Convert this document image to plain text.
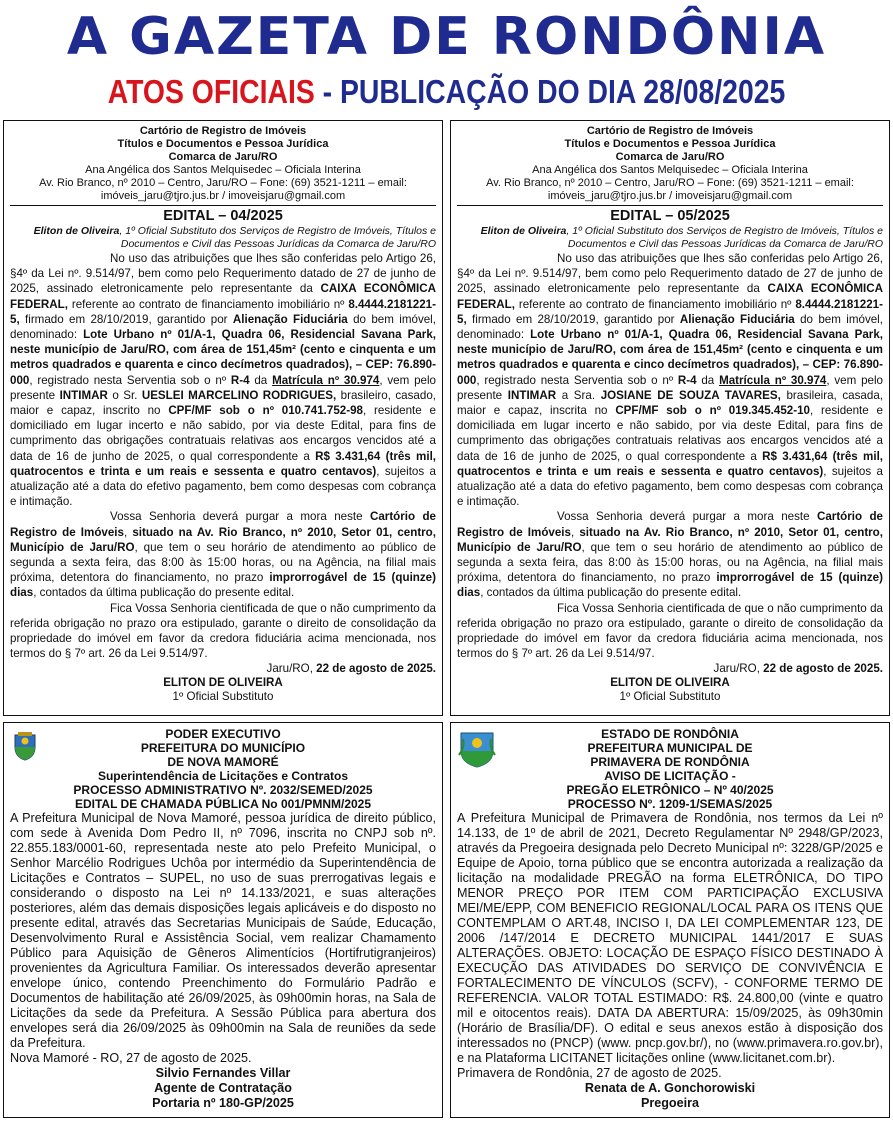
A GAZETA DE RONDÔNIA
ATOS OFICIAIS - PUBLICAÇÃO DO DIA 28/08/2025
Cartório de Registro de Imóveis
Títulos e Documentos e Pessoa Jurídica
Comarca de Jaru/RO
Ana Angélica dos Santos Melquisedec – Oficiala Interina
Av. Rio Branco, nº 2010 – Centro, Jaru/RO – Fone: (69) 3521-1211 – email:
imóveis_jaru@tjro.jus.br / imoveisjaru@gmail.com
EDITAL – 04/2025
Eliton de Oliveira, 1º Oficial Substituto dos Serviços de Registro de Imóveis, Títulos e Documentos e Civil das Pessoas Jurídicas da Comarca de Jaru/RO

No uso das atribuições que lhes são conferidas pelo Artigo 26, §4º da Lei nº. 9.514/97, bem como pelo Requerimento datado de 27 de junho de 2025, assinado eletronicamente pelo representante da CAIXA ECONÔMICA FEDERAL, referente ao contrato de financiamento imobiliário nº 8.4444.2181221-5, firmado em 28/10/2019, garantido por Alienação Fiduciária do bem imóvel, denominado: Lote Urbano nº 01/A-1, Quadra 06, Residencial Savana Park, neste município de Jaru/RO, com área de 151,45m² (cento e cinquenta e um metros quadrados e quarenta e cinco decímetros quadrados), – CEP: 76.890-000, registrado nesta Serventia sob o nº R-4 da Matrícula nº 30.974, vem pelo presente INTIMAR o Sr. UESLEI MARCELINO RODRIGUES, brasileiro, casado, maior e capaz, inscrito no CPF/MF sob o nº 010.741.752-98, residente e domiciliado em lugar incerto e não sabido, por via deste Edital, para fins de cumprimento das obrigações contratuais relativas aos encargos vencidos até a data de 16 de junho de 2025, o qual correspondente a R$ 3.431,64 (três mil, quatrocentos e trinta e um reais e sessenta e quatro centavos), sujeitos a atualização até a data do efetivo pagamento, bem como despesas com cobrança e intimação.

Vossa Senhoria deverá purgar a mora neste Cartório de Registro de Imóveis, situado na Av. Rio Branco, nº 2010, Setor 01, centro, Município de Jaru/RO, que tem o seu horário de atendimento ao público de segunda a sexta feira, das 8:00 às 15:00 horas, ou na Agência, na filial mais próxima, detentora do financiamento, no prazo improrrogável de 15 (quinze) dias, contados da última publicação do presente edital.

Fica Vossa Senhoria cientificada de que o não cumprimento da referida obrigação no prazo ora estipulado, garante o direito de consolidação da propriedade do imóvel em favor da credora fiduciária acima mencionada, nos termos do § 7º art. 26 da Lei 9.514/97.

Jaru/RO, 22 de agosto de 2025.
ELITON DE OLIVEIRA
1º Oficial Substituto
Cartório de Registro de Imóveis
Títulos e Documentos e Pessoa Jurídica
Comarca de Jaru/RO
Ana Angélica dos Santos Melquisedec – Oficiala Interina
Av. Rio Branco, nº 2010 – Centro, Jaru/RO – Fone: (69) 3521-1211 – email:
imóveis_jaru@tjro.jus.br / imoveisjaru@gmail.com
EDITAL – 05/2025
Eliton de Oliveira, 1º Oficial Substituto dos Serviços de Registro de Imóveis, Títulos e Documentos e Civil das Pessoas Jurídicas da Comarca de Jaru/RO

No uso das atribuições que lhes são conferidas pelo Artigo 26, §4º da Lei nº. 9.514/97, bem como pelo Requerimento datado de 27 de junho de 2025, assinado eletronicamente pelo representante da CAIXA ECONÔMICA FEDERAL, referente ao contrato de financiamento imobiliário nº 8.4444.2181221-5, firmado em 28/10/2019, garantido por Alienação Fiduciária do bem imóvel, denominado: Lote Urbano nº 01/A-1, Quadra 06, Residencial Savana Park, neste município de Jaru/RO, com área de 151,45m² (cento e cinquenta e um metros quadrados e quarenta e cinco decímetros quadrados), – CEP: 76.890-000, registrado nesta Serventia sob o nº R-4 da Matrícula nº 30.974, vem pelo presente INTIMAR a Sra. JOSIANE DE SOUZA TAVARES, brasileira, casada, maior e capaz, inscrita no CPF/MF sob o nº 019.345.452-10, residente e domiciliada em lugar incerto e não sabido, por via deste Edital, para fins de cumprimento das obrigações contratuais relativas aos encargos vencidos até a data de 16 de junho de 2025, o qual correspondente a R$ 3.431,64 (três mil, quatrocentos e trinta e um reais e sessenta e quatro centavos), sujeitos a atualização até a data do efetivo pagamento, bem como despesas com cobrança e intimação.

Vossa Senhoria deverá purgar a mora neste Cartório de Registro de Imóveis, situado na Av. Rio Branco, nº 2010, Setor 01, centro, Município de Jaru/RO, que tem o seu horário de atendimento ao público de segunda a sexta feira, das 8:00 às 15:00 horas, ou na Agência, na filial mais próxima, detentora do financiamento, no prazo improrrogável de 15 (quinze) dias, contados da última publicação do presente edital.

Fica Vossa Senhoria cientificada de que o não cumprimento da referida obrigação no prazo ora estipulado, garante o direito de consolidação da propriedade do imóvel em favor da credora fiduciária acima mencionada, nos termos do § 7º art. 26 da Lei 9.514/97.

Jaru/RO, 22 de agosto de 2025.
ELITON DE OLIVEIRA
1º Oficial Substituto
PODER EXECUTIVO
PREFEITURA DO MUNICÍPIO
DE NOVA MAMORÉ
Superintendência de Licitações e Contratos
PROCESSO ADMINISTRATIVO Nº. 2032/SEMED/2025
EDITAL DE CHAMADA PÚBLICA No 001/PMNM/2025

A Prefeitura Municipal de Nova Mamoré, pessoa jurídica de direito público, com sede à Avenida Dom Pedro II, nº 7096, inscrita no CNPJ sob nº. 22.855.183/0001-60, representada neste ato pelo Prefeito Municipal, o Senhor Marcélio Rodrigues Uchôa por intermédio da Superintendência de Licitações e Contratos – SUPEL, no uso de suas prerrogativas legais e considerando o disposto na Lei nº 14.133/2021, e suas alterações posteriores, além das demais disposições legais aplicáveis e do disposto no presente edital, através das Secretarias Municipais de Saúde, Educação, Desenvolvimento Rural e Assistência Social, vem realizar Chamamento Público para Aquisição de Gêneros Alimentícios (Hortifrutigranjeiros) provenientes da Agricultura Familiar. Os interessados deverão apresentar envelope único, contendo Preenchimento do Formulário Padrão e Documentos de habilitação até 26/09/2025, às 09h00min horas, na Sala de Licitações da sede da Prefeitura. A Sessão Pública para abertura dos envelopes será dia 26/09/2025 às 09h00min na Sala de reuniões da sede da Prefeitura.

Nova Mamoré - RO, 27 de agosto de 2025.

Silvio Fernandes Villar
Agente de Contratação
Portaria nº 180-GP/2025
ESTADO DE RONDÔNIA
PREFEITURA MUNICIPAL DE
PRIMAVERA DE RONDÔNIA
AVISO DE LICITAÇÃO -
PREGÃO ELETRÔNICO – Nº 40/2025
PROCESSO Nº. 1209-1/SEMAS/2025

A Prefeitura Municipal de Primavera de Rondônia, nos termos da Lei nº 14.133, de 1º de abril de 2021, Decreto Regulamentar Nº 2948/GP/2023, através da Pregoeira designada pelo Decreto Municipal nº: 3228/GP/2025 e Equipe de Apoio, torna público que se encontra autorizada a realização da licitação na modalidade PREGÃO na forma ELETRÔNICA, DO TIPO MENOR PREÇO POR ITEM COM PARTICIPAÇÃO EXCLUSIVA MEI/ME/EPP, COM BENEFICIO REGIONAL/LOCAL PARA OS ITENS QUE CONTEMPLAM O ART.48, INCISO I, DA LEI COMPLEMENTAR 123, DE 2006 /147/2014 E DECRETO MUNICIPAL 1441/2017 E SUAS ALTERAÇÕES. OBJETO: LOCAÇÃO DE ESPAÇO FÍSICO DESTINADO À EXECUÇÃO DAS ATIVIDADES DO SERVIÇO DE CONVIVÊNCIA E FORTALECIMENTO DE VÍNCULOS (SCFV), - CONFORME TERMO DE REFERENCIA. VALOR TOTAL ESTIMADO: R$. 24.800,00 (vinte e quatro mil e oitocentos reais). DATA DA ABERTURA: 15/09/2025, às 09h30min (Horário de Brasília/DF). O edital e seus anexos estão à disposição dos interessados no (PNCP) (www. pncp.gov.br/), no (www.primavera.ro.gov.br), e na Plataforma LICITANET licitações online (www.licitanet.com.br).

Primavera de Rondônia, 27 de agosto de 2025.

Renata de A. Gonchorowiski
Pregoeira
